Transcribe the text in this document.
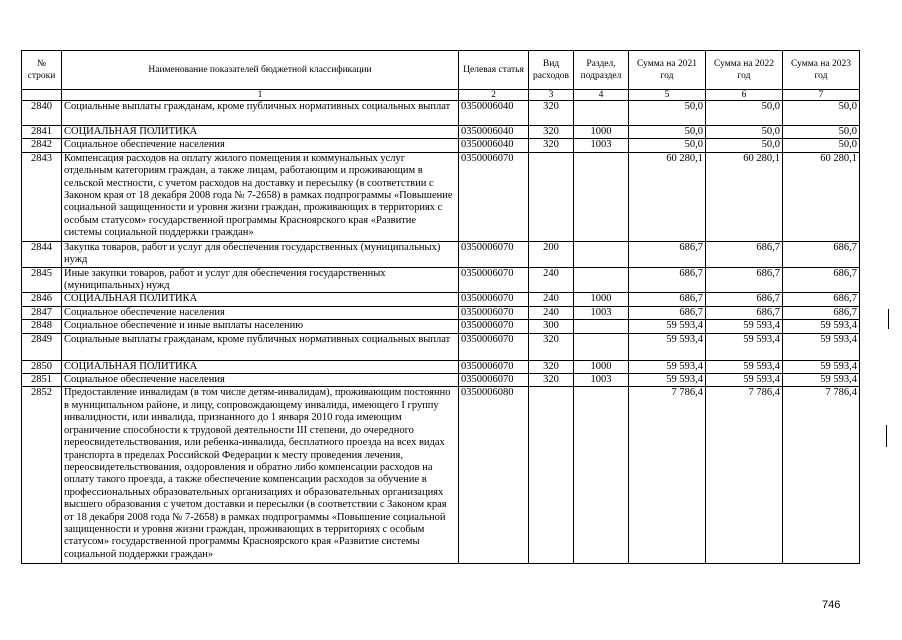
№ строки	Наименование показателей бюджетной классификации	Целевая статья	Вид расходов	Раздел, подраздел	Сумма на 2021 год	Сумма на 2022 год	Сумма на 2023 год
	1	2	3	4	5	6	7
2840	Социальные выплаты гражданам, кроме публичных нормативных социальных выплат	0350006040	320		50,0	50,0	50,0
2841	СОЦИАЛЬНАЯ ПОЛИТИКА	0350006040	320	1000	50,0	50,0	50,0
2842	Социальное обеспечение населения	0350006040	320	1003	50,0	50,0	50,0
2843	Компенсация расходов на оплату жилого помещения и коммунальных услуг отдельным категориям граждан, а также лицам, работающим и проживающим в сельской местности, с учетом расходов на доставку и пересылку (в соответствии с Законом края от 18 декабря 2008 года № 7-2658) в рамках подпрограммы «Повышение социальной защищенности и уровня жизни граждан, проживающих в территориях с особым статусом» государственной программы Красноярского края «Развитие системы социальной поддержки граждан»	0350006070			60 280,1	60 280,1	60 280,1
2844	Закупка товаров, работ и услуг для обеспечения государственных (муниципальных) нужд	0350006070	200		686,7	686,7	686,7
2845	Иные закупки товаров, работ и услуг для обеспечения государственных (муниципальных) нужд	0350006070	240		686,7	686,7	686,7
2846	СОЦИАЛЬНАЯ ПОЛИТИКА	0350006070	240	1000	686,7	686,7	686,7
2847	Социальное обеспечение населения	0350006070	240	1003	686,7	686,7	686,7
2848	Социальное обеспечение и иные выплаты населению	0350006070	300		59 593,4	59 593,4	59 593,4
2849	Социальные выплаты гражданам, кроме публичных нормативных социальных выплат	0350006070	320		59 593,4	59 593,4	59 593,4
2850	СОЦИАЛЬНАЯ ПОЛИТИКА	0350006070	320	1000	59 593,4	59 593,4	59 593,4
2851	Социальное обеспечение населения	0350006070	320	1003	59 593,4	59 593,4	59 593,4
2852	Предоставление инвалидам (в том числе детям-инвалидам), проживающим постоянно в муниципальном районе, и лицу, сопровождающему инвалида, имеющего I группу инвалидности, или инвалида, признанного до 1 января 2010 года имеющим ограничение способности к трудовой деятельности III степени, до очередного переосвидетельствования, или ребенка-инвалида, бесплатного проезда на всех видах транспорта в пределах Российской Федерации к месту проведения лечения, переосвидетельствования, оздоровления и обратно либо компенсации расходов на оплату такого проезда, а также обеспечение компенсации расходов за обучение в профессиональных образовательных организациях и образовательных организациях высшего образования с учетом доставки и пересылки (в соответствии с Законом края от 18 декабря 2008 года № 7-2658) в рамках подпрограммы «Повышение социальной защищенности и уровня жизни граждан, проживающих в территориях с особым статусом» государственной программы Красноярского края «Развитие системы социальной поддержки граждан»	0350006080			7 786,4	7 786,4	7 786,4
746
